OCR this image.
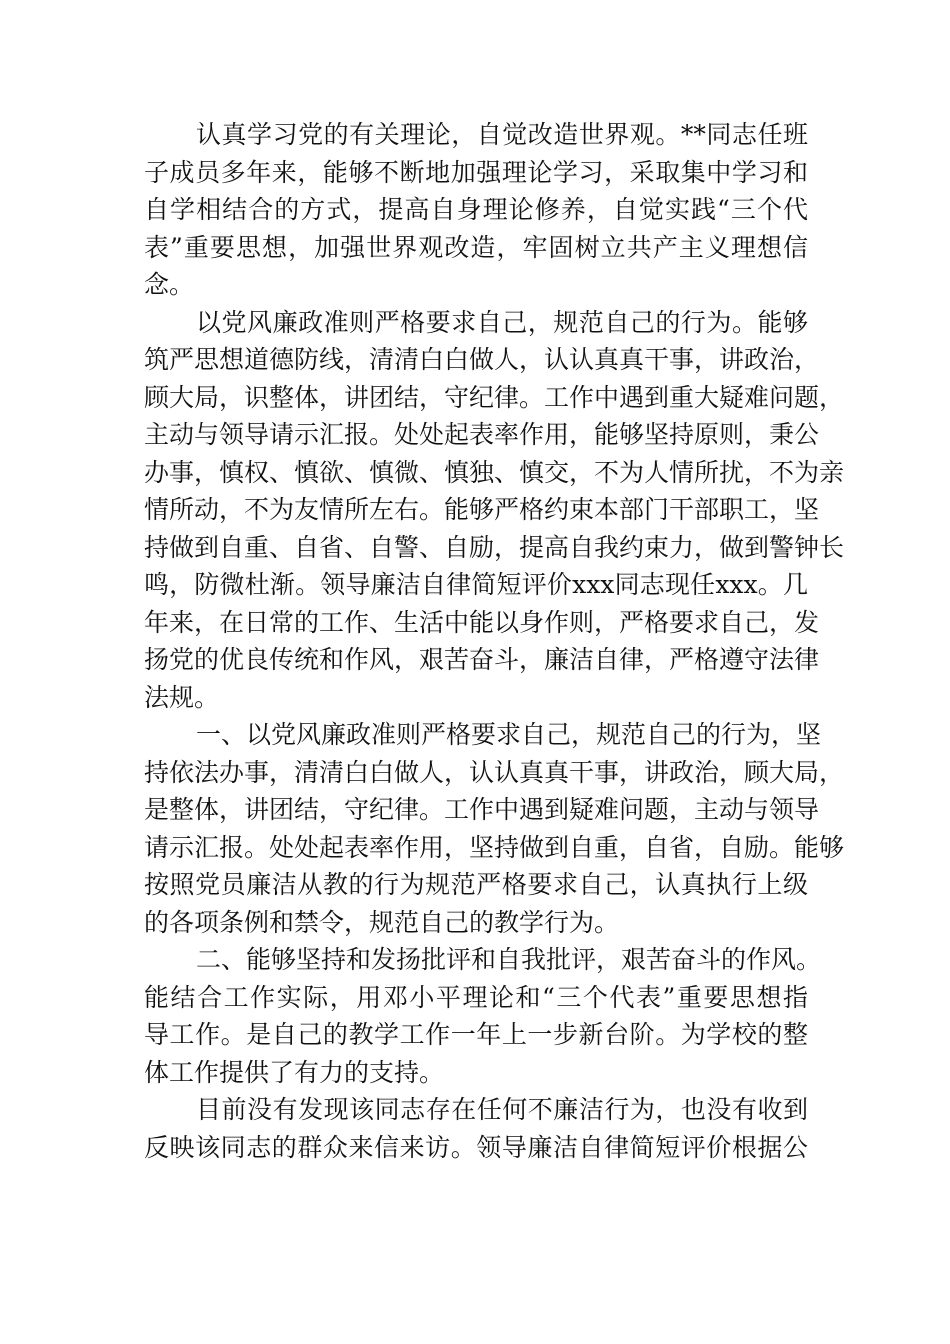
认真学习党的有关理论，自觉改造世界观。**同志任班
子成员多年来，能够不断地加强理论学习，采取集中学习和
自学相结合的方式，提高自身理论修养，自觉实践“三个代
表”重要思想，加强世界观改造，牢固树立共产主义理想信
念。
以党风廉政准则严格要求自己，规范自己的行为。能够
筑严思想道德防线，清清白白做人，认认真真干事，讲政治，
顾大局，识整体，讲团结，守纪律。工作中遇到重大疑难问题，
主动与领导请示汇报。处处起表率作用，能够坚持原则，秉公
办事，慎权、慎欲、慎微、慎独、慎交，不为人情所扰，不为亲
情所动，不为友情所左右。能够严格约束本部门干部职工，坚
持做到自重、自省、自警、自励，提高自我约束力，做到警钟长
鸣，防微杜渐。领导廉洁自律简短评价xxx同志现任xxx。几
年来，在日常的工作、生活中能以身作则，严格要求自己，发
扬党的优良传统和作风，艰苦奋斗，廉洁自律，严格遵守法律
法规。
一、以党风廉政准则严格要求自己，规范自己的行为，坚
持依法办事，清清白白做人，认认真真干事，讲政治，顾大局，
是整体，讲团结，守纪律。工作中遇到疑难问题，主动与领导
请示汇报。处处起表率作用，坚持做到自重，自省，自励。能够
按照党员廉洁从教的行为规范严格要求自己，认真执行上级
的各项条例和禁令，规范自己的教学行为。
二、能够坚持和发扬批评和自我批评，艰苦奋斗的作风。
能结合工作实际，用邓小平理论和“三个代表”重要思想指
导工作。是自己的教学工作一年上一步新台阶。为学校的整
体工作提供了有力的支持。
目前没有发现该同志存在任何不廉洁行为，也没有收到
反映该同志的群众来信来访。领导廉洁自律简短评价根据公
